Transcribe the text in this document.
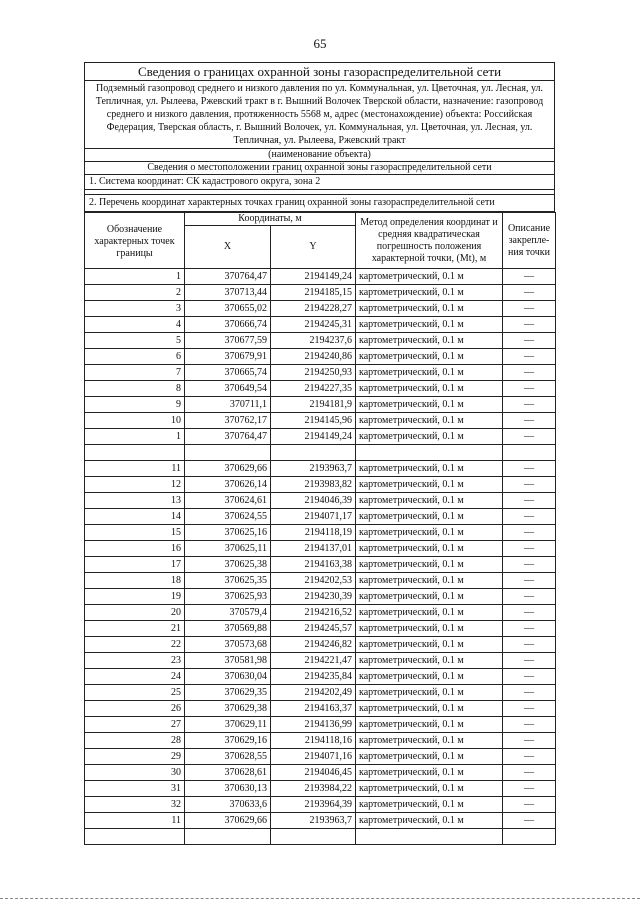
65
Сведения о границах охранной зоны газораспределительной сети
Подземный газопровод среднего и низкого давления по ул. Коммунальная, ул. Цветочная, ул. Лесная, ул. Тепличная, ул. Рылеева, Ржевский тракт в г. Вышний Волочек Тверской области, назначение: газопровод среднего и низкого давления, протяженность 5568 м, адрес (местонахождение) объекта: Российская Федерация, Тверская область, г. Вышний Волочек, ул. Коммунальная, ул. Цветочная, ул. Лесная, ул. Тепличная, ул. Рылеева, Ржевский тракт
(наименование объекта)
Сведения о местоположении границ охранной зоны газораспределительной сети
1. Система координат: СК кадастрового округа, зона 2

2. Перечень координат характерных точках границ охранной зоны газораспределительной сети
Обозначение характерных точек границы	Координаты, м		Метод определения координат и средняя квадратическая погрешность положения характерной точки, (Mt), м	Описание закрепле-ния точки
	X	Y		
1	370764,47	2194149,24	картометрический, 0.1 м	—
2	370713,44	2194185,15	картометрический, 0.1 м	—
3	370655,02	2194228,27	картометрический, 0.1 м	—
4	370666,74	2194245,31	картометрический, 0.1 м	—
5	370677,59	2194237,6	картометрический, 0.1 м	—
6	370679,91	2194240,86	картометрический, 0.1 м	—
7	370665,74	2194250,93	картометрический, 0.1 м	—
8	370649,54	2194227,35	картометрический, 0.1 м	—
9	370711,1	2194181,9	картометрический, 0.1 м	—
10	370762,17	2194145,96	картометрический, 0.1 м	—
1	370764,47	2194149,24	картометрический, 0.1 м	—

11	370629,66	2193963,7	картометрический, 0.1 м	—
12	370626,14	2193983,82	картометрический, 0.1 м	—
13	370624,61	2194046,39	картометрический, 0.1 м	—
14	370624,55	2194071,17	картометрический, 0.1 м	—
15	370625,16	2194118,19	картометрический, 0.1 м	—
16	370625,11	2194137,01	картометрический, 0.1 м	—
17	370625,38	2194163,38	картометрический, 0.1 м	—
18	370625,35	2194202,53	картометрический, 0.1 м	—
19	370625,93	2194230,39	картометрический, 0.1 м	—
20	370579,4	2194216,52	картометрический, 0.1 м	—
21	370569,88	2194245,57	картометрический, 0.1 м	—
22	370573,68	2194246,82	картометрический, 0.1 м	—
23	370581,98	2194221,47	картометрический, 0.1 м	—
24	370630,04	2194235,84	картометрический, 0.1 м	—
25	370629,35	2194202,49	картометрический, 0.1 м	—
26	370629,38	2194163,37	картометрический, 0.1 м	—
27	370629,11	2194136,99	картометрический, 0.1 м	—
28	370629,16	2194118,16	картометрический, 0.1 м	—
29	370628,55	2194071,16	картометрический, 0.1 м	—
30	370628,61	2194046,45	картометрический, 0.1 м	—
31	370630,13	2193984,22	картометрический, 0.1 м	—
32	370633,6	2193964,39	картометрический, 0.1 м	—
11	370629,66	2193963,7	картометрический, 0.1 м	—
